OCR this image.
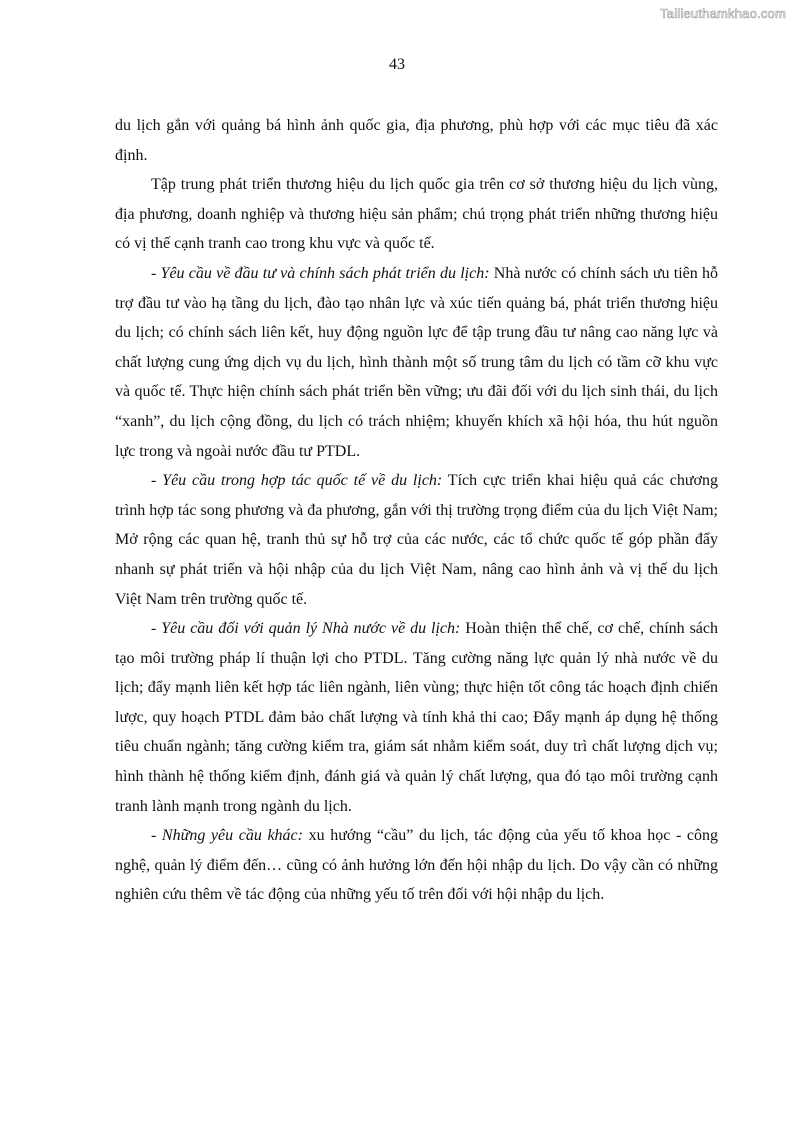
Tailieuthamkhao.com
43

du lịch gắn với quảng bá hình ảnh quốc gia, địa phương, phù hợp với các mục tiêu đã xác định.

Tập trung phát triển thương hiệu du lịch quốc gia trên cơ sở thương hiệu du lịch vùng, địa phương, doanh nghiệp và thương hiệu sản phẩm; chú trọng phát triển những thương hiệu có vị thế cạnh tranh cao trong khu vực và quốc tế.

- Yêu cầu về đầu tư và chính sách phát triển du lịch: Nhà nước có chính sách ưu tiên hỗ trợ đầu tư vào hạ tầng du lịch, đào tạo nhân lực và xúc tiến quảng bá, phát triển thương hiệu du lịch; có chính sách liên kết, huy động nguồn lực để tập trung đầu tư nâng cao năng lực và chất lượng cung ứng dịch vụ du lịch, hình thành một số trung tâm du lịch có tầm cỡ khu vực và quốc tế. Thực hiện chính sách phát triển bền vững; ưu đãi đối với du lịch sinh thái, du lịch “xanh”, du lịch cộng đồng, du lịch có trách nhiệm; khuyến khích xã hội hóa, thu hút nguồn lực trong và ngoài nước đầu tư PTDL.

- Yêu cầu trong hợp tác quốc tế về du lịch: Tích cực triển khai hiệu quả các chương trình hợp tác song phương và đa phương, gắn với thị trường trọng điểm của du lịch Việt Nam; Mở rộng các quan hệ, tranh thủ sự hỗ trợ của các nước, các tổ chức quốc tế góp phần đẩy nhanh sự phát triển và hội nhập của du lịch Việt Nam, nâng cao hình ảnh và vị thế du lịch Việt Nam trên trường quốc tế.

- Yêu cầu đối với quản lý Nhà nước về du lịch: Hoàn thiện thể chế, cơ chế, chính sách tạo môi trường pháp lí thuận lợi cho PTDL. Tăng cường năng lực quản lý nhà nước về du lịch; đẩy mạnh liên kết hợp tác liên ngành, liên vùng; thực hiện tốt công tác hoạch định chiến lược, quy hoạch PTDL đảm bảo chất lượng và tính khả thi cao; Đẩy mạnh áp dụng hệ thống tiêu chuẩn ngành; tăng cường kiểm tra, giám sát nhằm kiểm soát, duy trì chất lượng dịch vụ; hình thành hệ thống kiểm định, đánh giá và quản lý chất lượng, qua đó tạo môi trường cạnh tranh lành mạnh trong ngành du lịch.

- Những yêu cầu khác: xu hướng “cầu” du lịch, tác động của yếu tố khoa học - công nghệ, quản lý điểm đến… cũng có ảnh hưởng lớn đến hội nhập du lịch. Do vậy cần có những nghiên cứu thêm về tác động của những yếu tố trên đối với hội nhập du lịch.
